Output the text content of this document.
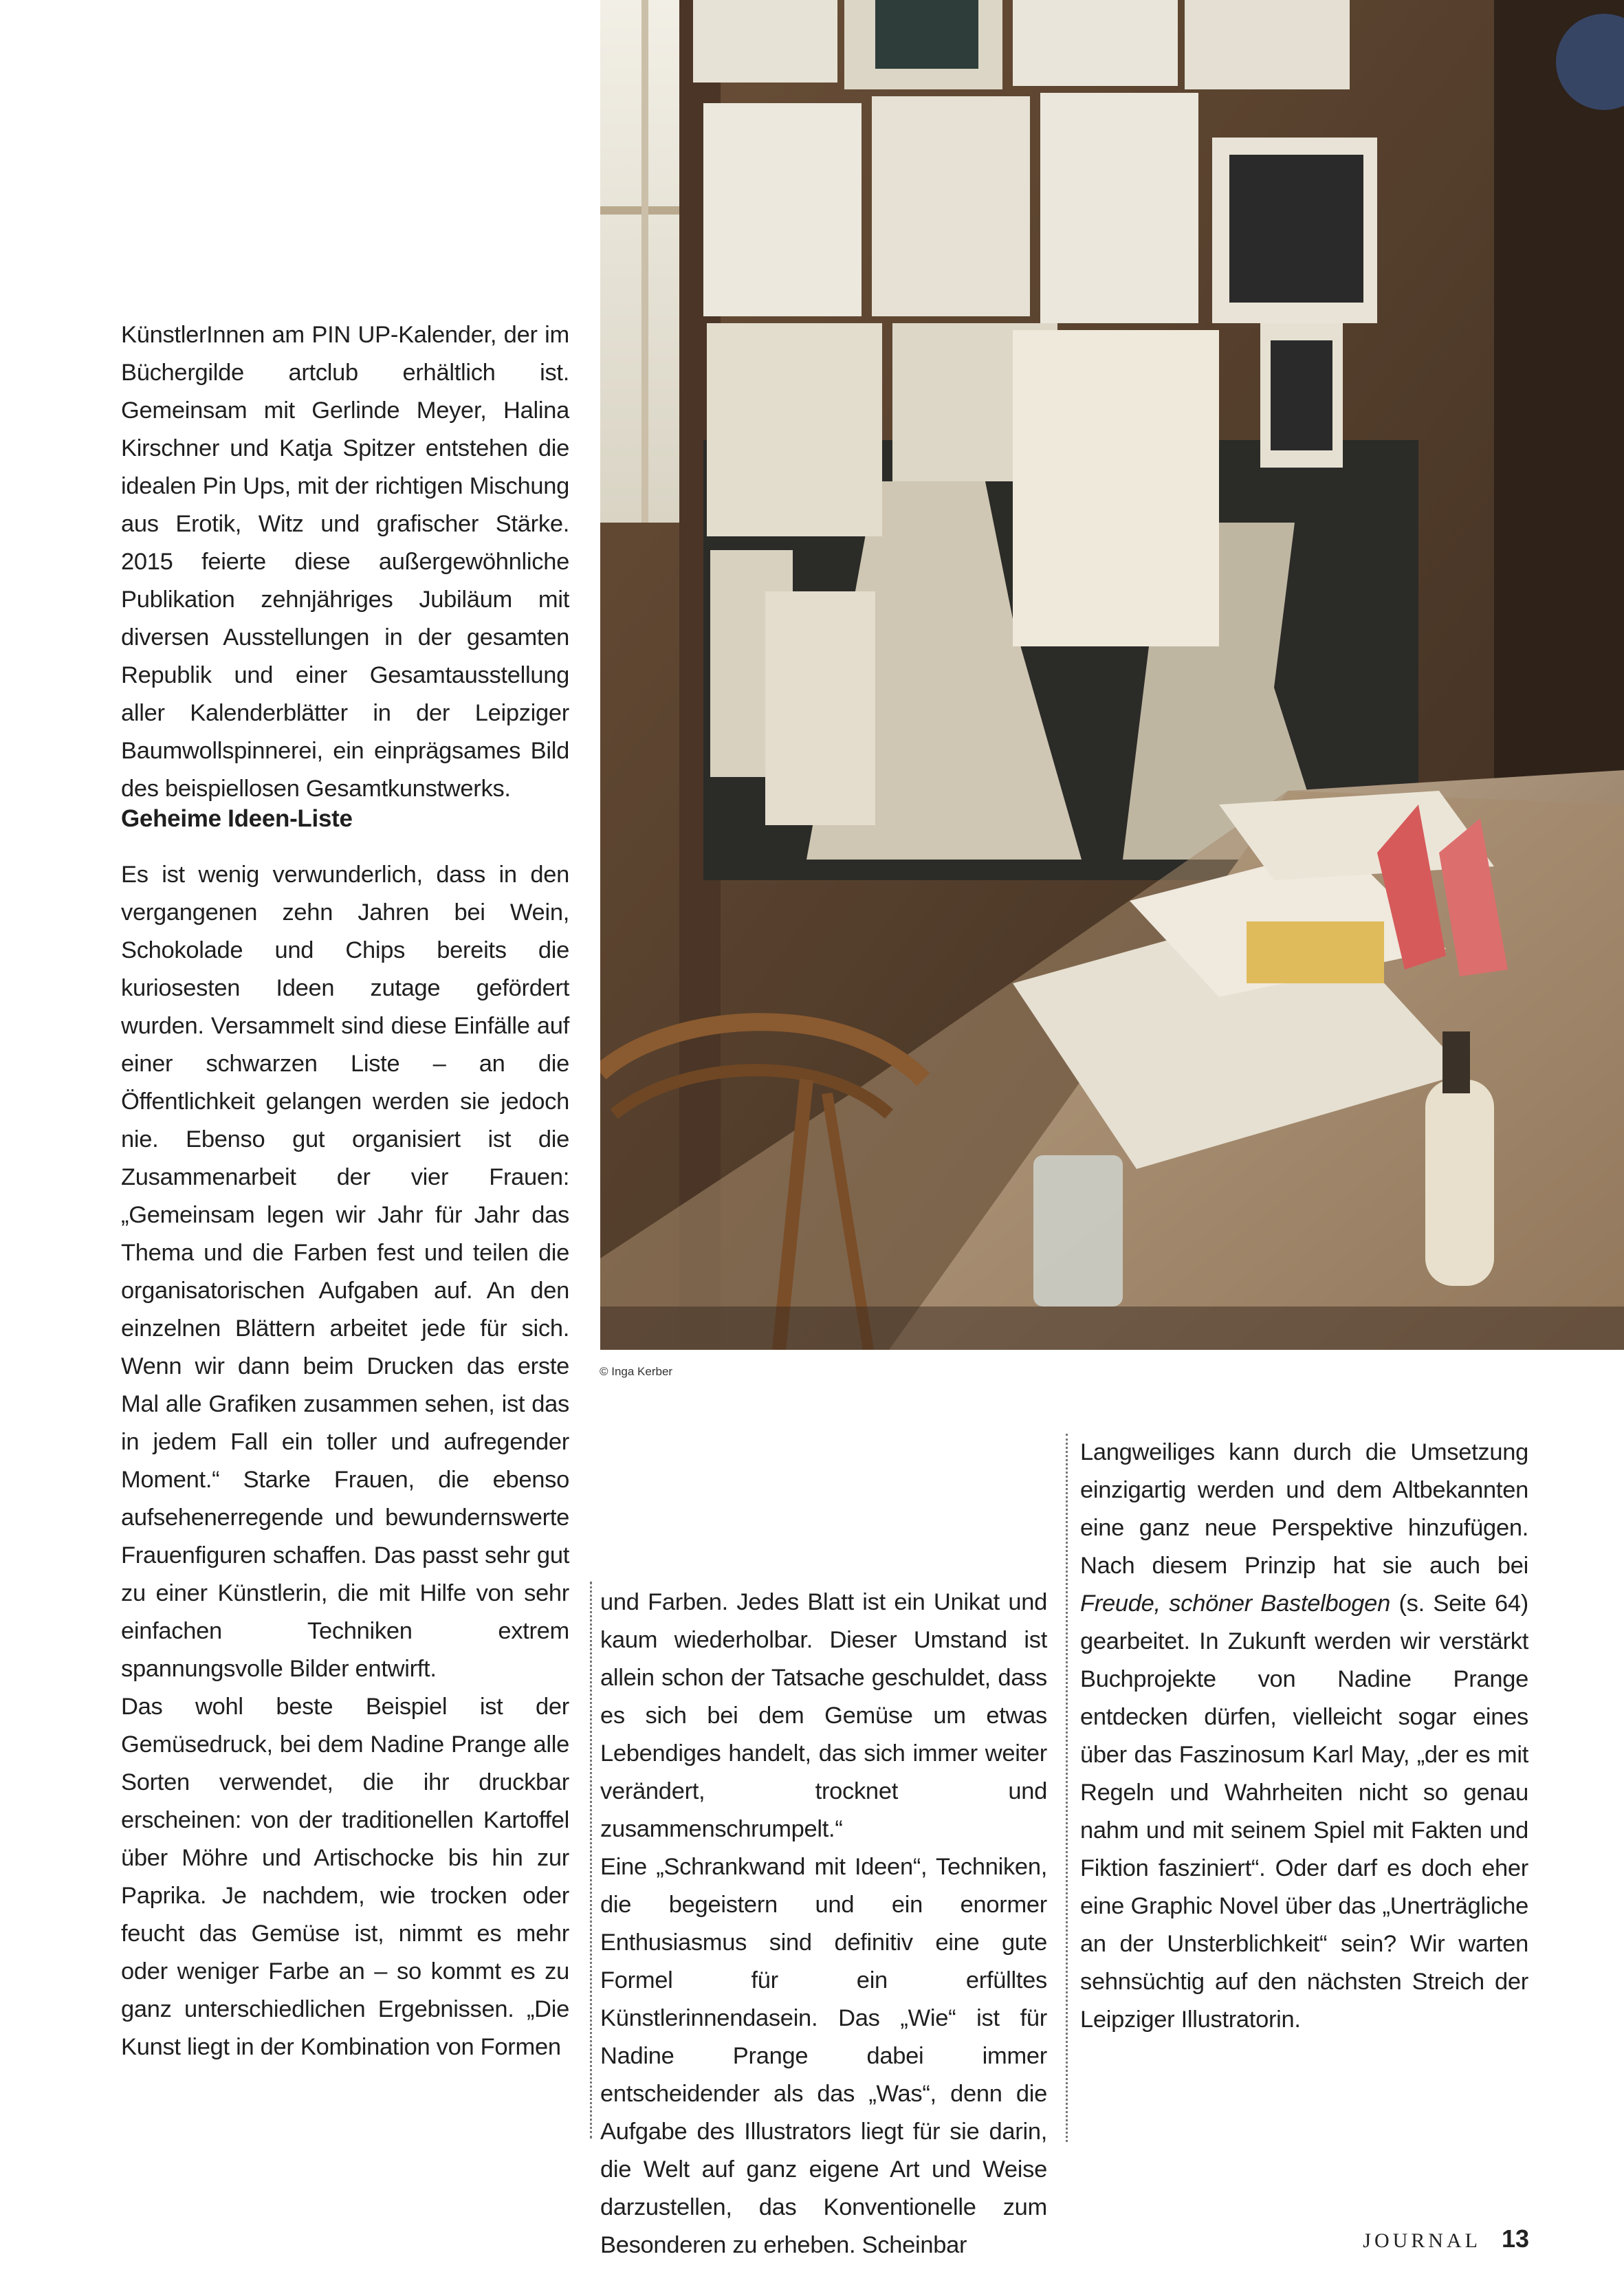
© Inga Kerber

KünstlerInnen am PIN UP-Kalender, der im Büchergilde artclub erhältlich ist. Gemeinsam mit Gerlinde Meyer, Halina Kirschner und Katja Spitzer entstehen die idealen Pin Ups, mit der richtigen Mischung aus Erotik, Witz und grafischer Stärke. 2015 feierte diese außergewöhnliche Publikation zehnjähriges Jubiläum mit diversen Ausstellungen in der gesamten Republik und einer Gesamtausstellung aller Kalenderblätter in der Leipziger Baumwollspinnerei, ein einprägsames Bild des beispiellosen Gesamtkunstwerks.

Geheime Ideen-Liste

Es ist wenig verwunderlich, dass in den vergangenen zehn Jahren bei Wein, Schokolade und Chips bereits die kuriosesten Ideen zutage gefördert wurden. Versammelt sind diese Einfälle auf einer schwarzen Liste – an die Öffentlichkeit gelangen werden sie jedoch nie. Ebenso gut organisiert ist die Zusammenarbeit der vier Frauen: „Gemeinsam legen wir Jahr für Jahr das Thema und die Farben fest und teilen die organisatorischen Aufgaben auf. An den einzelnen Blättern arbeitet jede für sich. Wenn wir dann beim Drucken das erste Mal alle Grafiken zusammen sehen, ist das in jedem Fall ein toller und aufregender Moment.“ Starke Frauen, die ebenso aufsehenerregende und bewundernswerte Frauenfiguren schaffen. Das passt sehr gut zu einer Künstlerin, die mit Hilfe von sehr einfachen Techniken extrem spannungsvolle Bilder entwirft.

Das wohl beste Beispiel ist der Gemüsedruck, bei dem Nadine Prange alle Sorten verwendet, die ihr druckbar erscheinen: von der traditionellen Kartoffel über Möhre und Artischocke bis hin zur Paprika. Je nachdem, wie trocken oder feucht das Gemüse ist, nimmt es mehr oder weniger Farbe an – so kommt es zu ganz unterschiedlichen Ergebnissen. „Die Kunst liegt in der Kombination von Formen

und Farben. Jedes Blatt ist ein Unikat und kaum wiederholbar. Dieser Umstand ist allein schon der Tatsache geschuldet, dass es sich bei dem Gemüse um etwas Lebendiges handelt, das sich immer weiter verändert, trocknet und zusammenschrumpelt.“

Eine „Schrankwand mit Ideen“, Techniken, die begeistern und ein enormer Enthusiasmus sind definitiv eine gute Formel für ein erfülltes Künstlerinnendasein. Das „Wie“ ist für Nadine Prange dabei immer entscheidender als das „Was“, denn die Aufgabe des Illustrators liegt für sie darin, die Welt auf ganz eigene Art und Weise darzustellen, das Konventionelle zum Besonderen zu erheben. Scheinbar

Langweiliges kann durch die Umsetzung einzigartig werden und dem Altbekannten eine ganz neue Perspektive hinzufügen. Nach diesem Prinzip hat sie auch bei Freude, schöner Bastelbogen (s. Seite 64) gearbeitet. In Zukunft werden wir verstärkt Buchprojekte von Nadine Prange entdecken dürfen, vielleicht sogar eines über das Faszinosum Karl May, „der es mit Regeln und Wahrheiten nicht so genau nahm und mit seinem Spiel mit Fakten und Fiktion fasziniert“. Oder darf es doch eher eine Graphic Novel über das „Unerträgliche an der Unsterblichkeit“ sein? Wir warten sehnsüchtig auf den nächsten Streich der Leipziger Illustratorin.

JOURNAL 13
